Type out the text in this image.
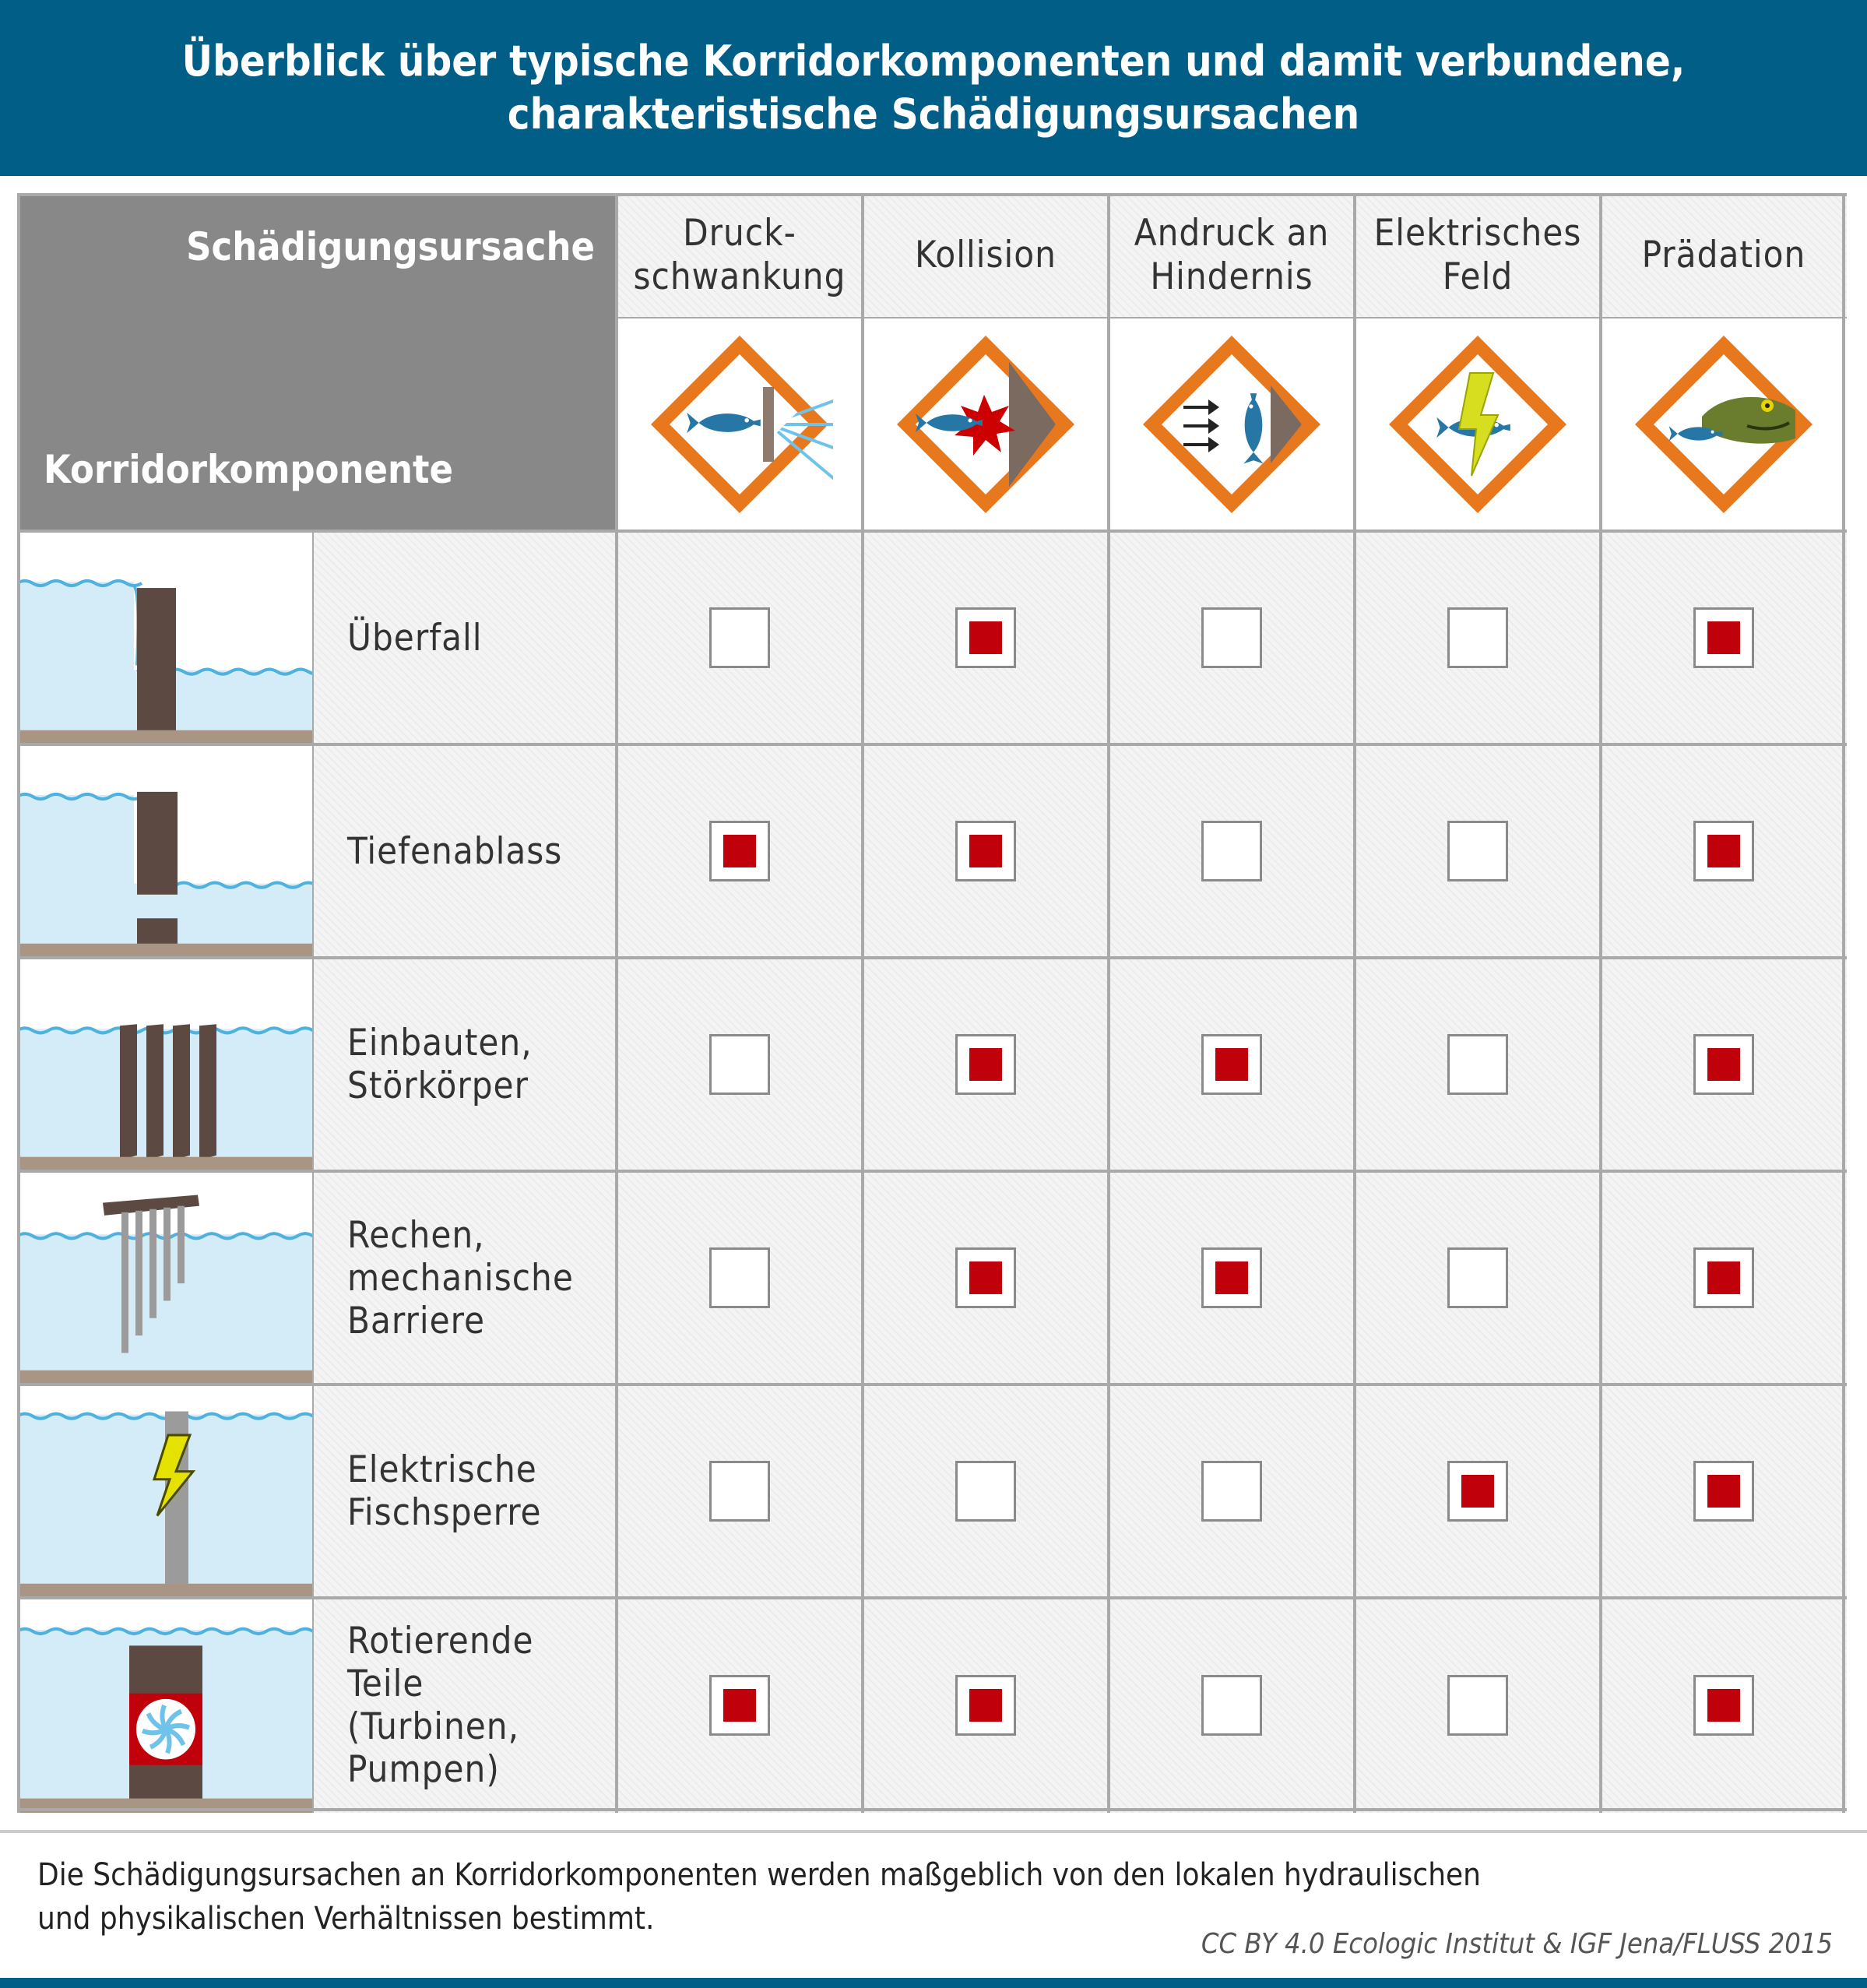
Überblick über typische Korridorkomponenten und damit verbundene,
charakteristische Schädigungsursachen
Schädigungsursache
Korridorkomponente
Druck-
schwankung
Kollision
Andruck an
Hindernis
Elektrisches
Feld
Prädation
Überfall
Tiefenablass
Einbauten,
Störkörper
Rechen,
mechanische
Barriere
Elektrische
Fischsperre
Rotierende
Teile
(Turbinen,
Pumpen)
Die Schädigungsursachen an Korridorkomponenten werden maßgeblich von den lokalen hydraulischen
und physikalischen Verhältnissen bestimmt.
CC BY 4.0 Ecologic Institut & IGF Jena/FLUSS 2015
